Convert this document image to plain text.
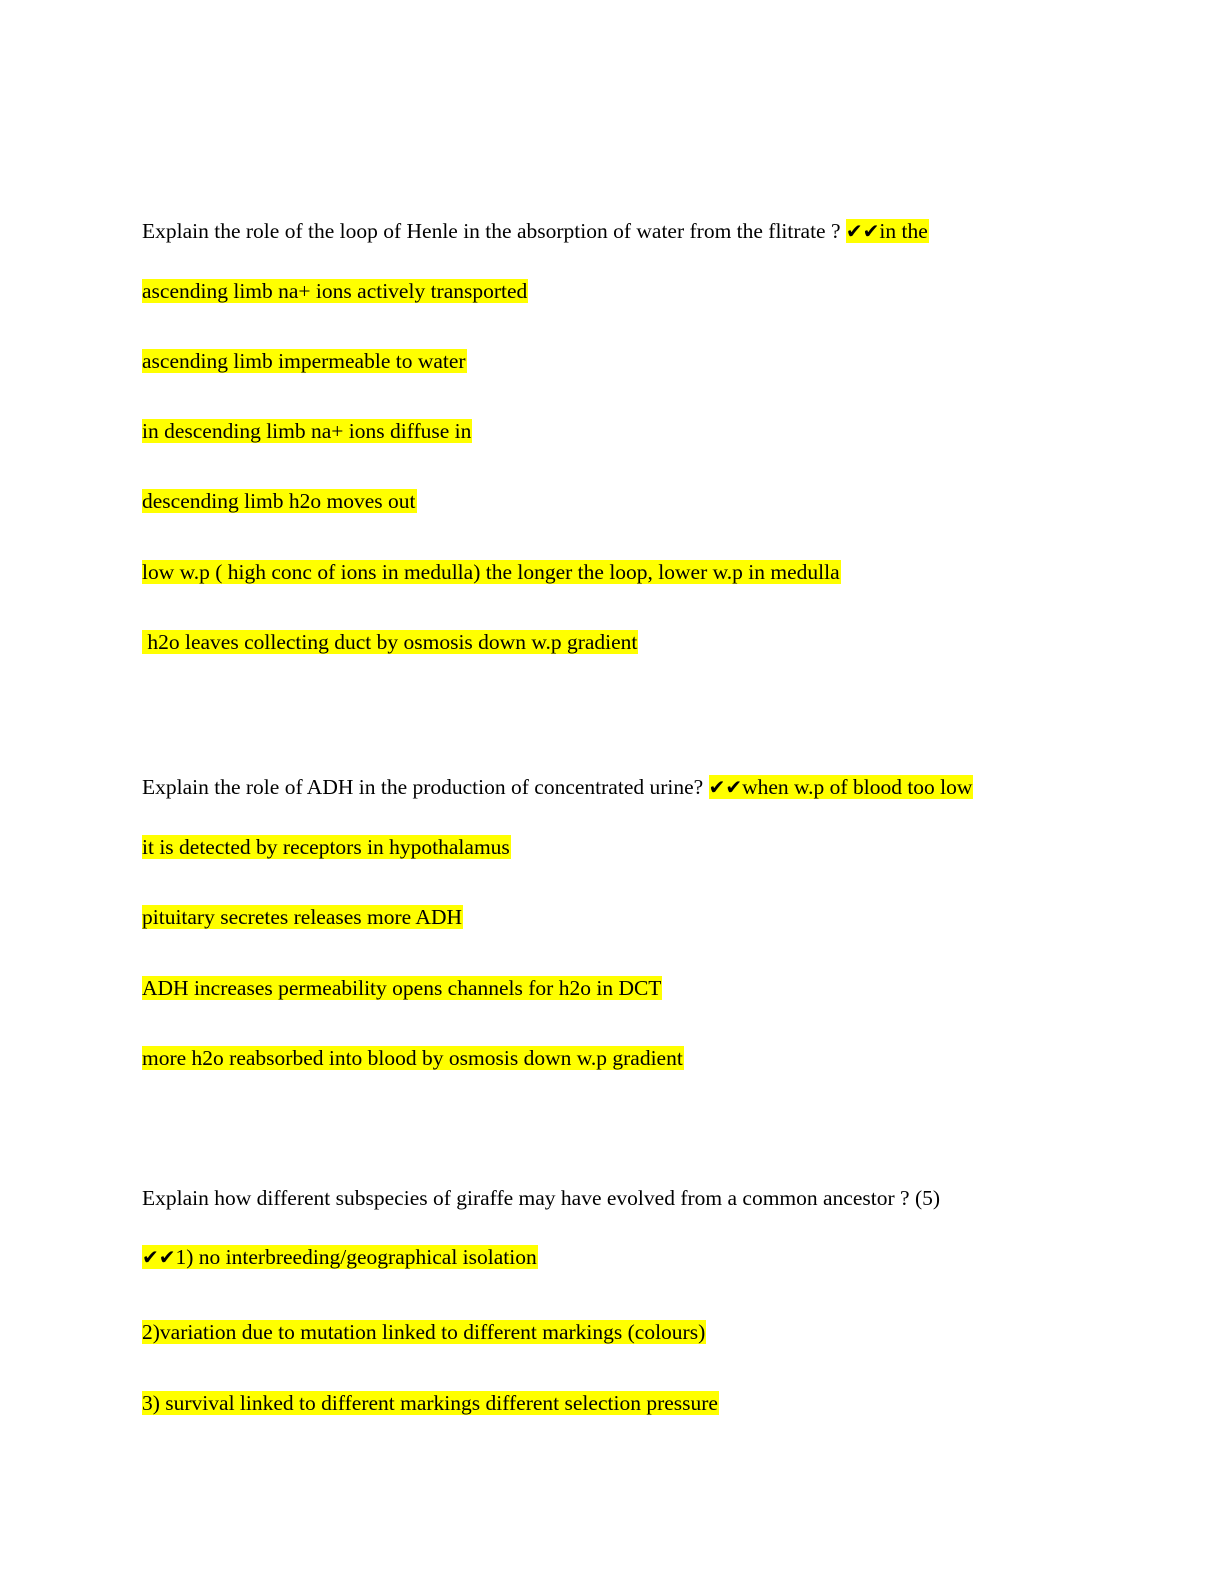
Explain the role of the loop of Henle in the absorption of water from the flitrate ? ✔✔in the
ascending limb na+ ions actively transported
ascending limb impermeable to water
in descending limb na+ ions diffuse in
descending limb h2o moves out
low w.p ( high conc of ions in medulla) the longer the loop, lower w.p in medulla
h2o leaves collecting duct by osmosis down w.p gradient
Explain the role of ADH in the production of concentrated urine? ✔✔when w.p of blood too low
it is detected by receptors in hypothalamus
pituitary secretes releases more ADH
ADH increases permeability opens channels for h2o in DCT
more h2o reabsorbed into blood by osmosis down w.p gradient
Explain how different subspecies of giraffe may have evolved from a common ancestor ? (5)
✔✔1) no interbreeding/geographical isolation
2)variation due to mutation linked to different markings (colours)
3) survival linked to different markings different selection pressure
